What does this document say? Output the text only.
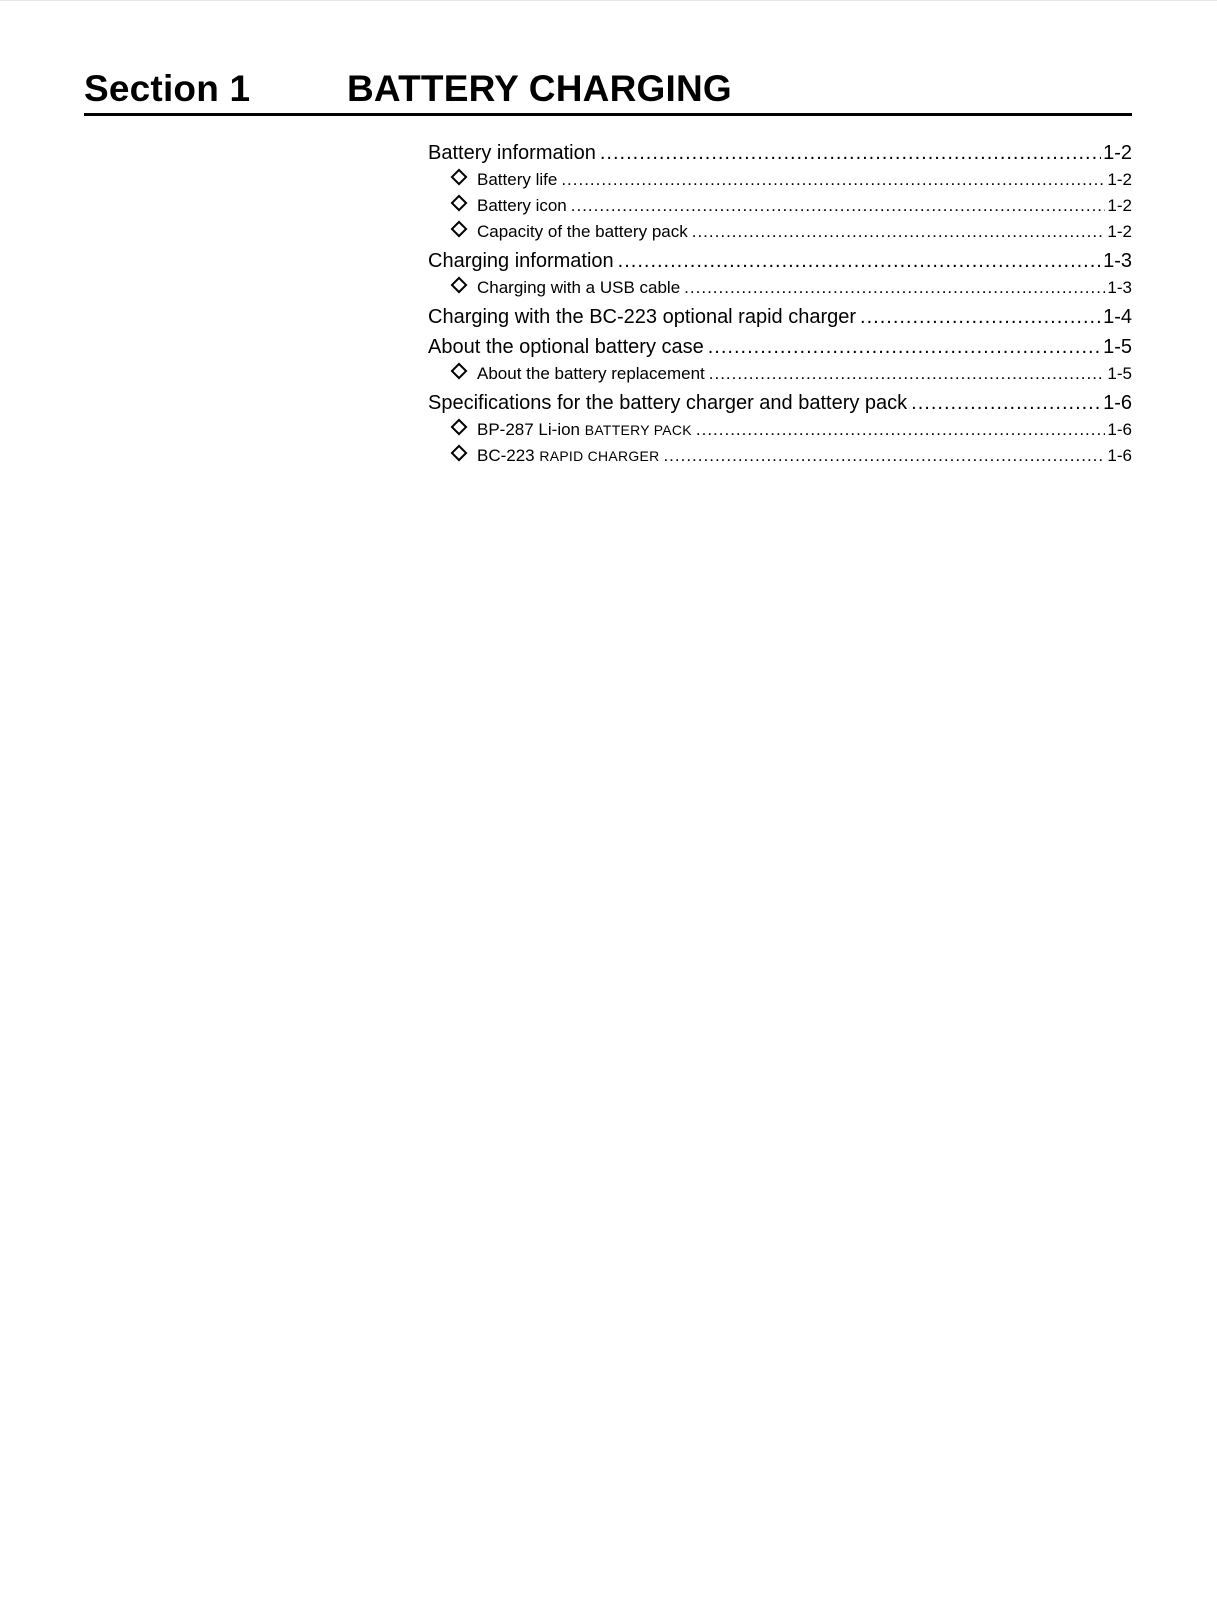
Section 1	BATTERY CHARGING
Battery information .....	1-2
Battery life .....	1-2
Battery icon .....	1-2
Capacity of the battery pack .....	1-2
Charging information .....	1-3
Charging with a USB cable .....	1-3
Charging with the BC-223 optional rapid charger .....	1-4
About the optional battery case .....	1-5
About the battery replacement .....	1-5
Specifications for the battery charger and battery pack .....	1-6
BP-287 Li-ion BATTERY PACK .....	1-6
BC-223 RAPID CHARGER .....	1-6
